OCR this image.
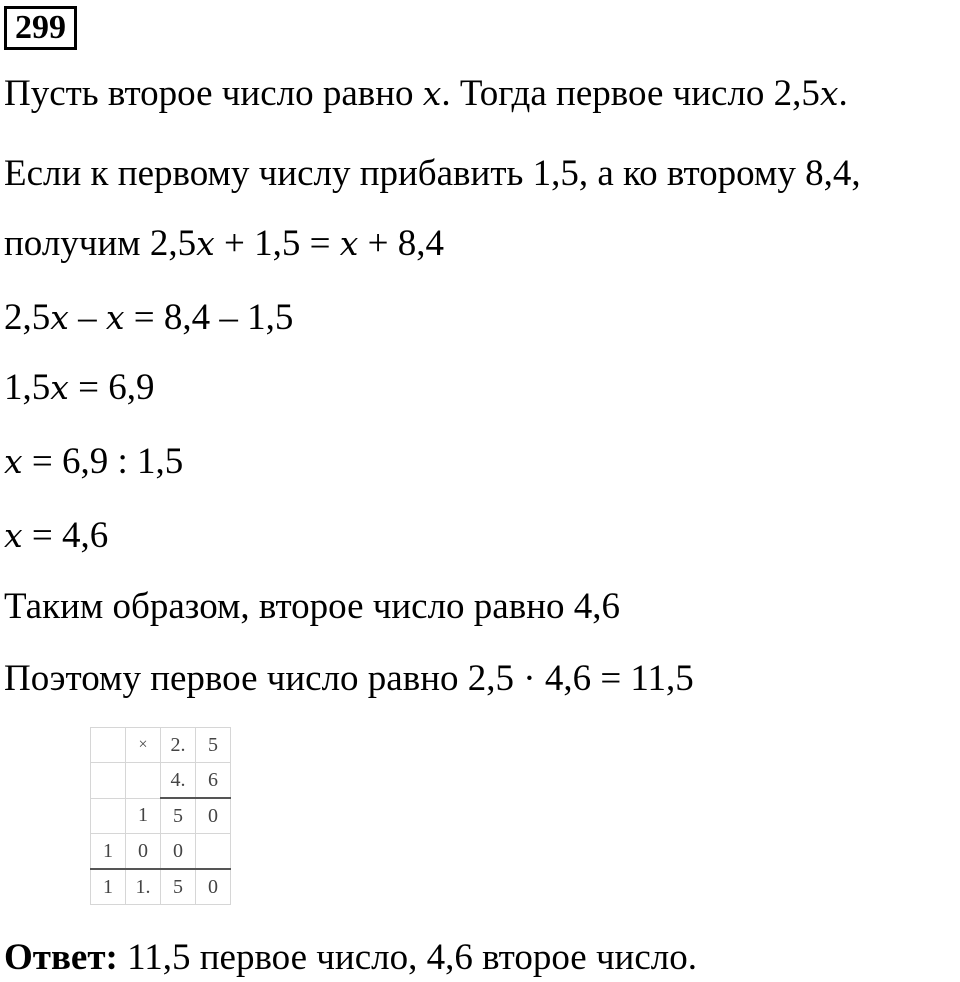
299
Пусть второе число равно x. Тогда первое число 2,5x.
Если к первому числу прибавить 1,5, а ко второму 8,4,
получим 2,5x + 1,5 = x + 8,4
2,5x – x = 8,4 – 1,5
1,5x = 6,9
x = 6,9 : 1,5
x = 4,6
Таким образом, второе число равно 4,6
Поэтому первое число равно 2,5 · 4,6 = 11,5
	×	2.	5
		4.	6
	1	5	0
1	0	0	
1	1.	5	0
Ответ: 11,5 первое число, 4,6 второе число.
